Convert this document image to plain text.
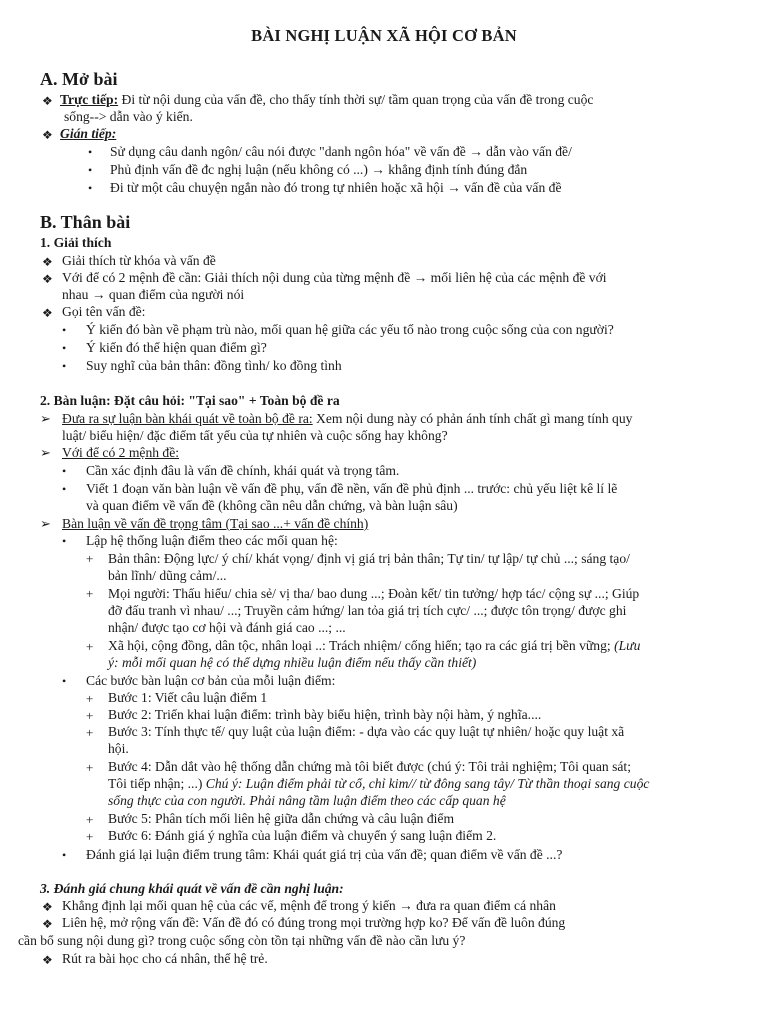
BÀI NGHỊ LUẬN XÃ HỘI CƠ BẢN
A. Mở bài
❖ Trực tiếp: Đi từ nội dung của vấn đề, cho thấy tính thời sự/ tầm quan trọng của vấn đề trong cuộc
sống--> dẫn vào ý kiến.
❖ Gián tiếp:
• Sử dụng câu danh ngôn/ câu nói được "danh ngôn hóa" về vấn đề → dẫn vào vấn đề/
• Phủ định vấn đề đc nghị luận (nếu không có ...) → khẳng định tính đúng đắn
• Đi từ một câu chuyện ngắn nào đó trong tự nhiên hoặc xã hội → vấn đề của vấn đề
B. Thân bài
1. Giải thích
❖ Giải thích từ khóa và vấn đề
❖ Với để có 2 mệnh đề cần: Giải thích nội dung của từng mệnh đề → mối liên hệ của các mệnh đề với
nhau → quan điểm của người nói
❖ Gọi tên vấn đề:
• Ý kiến đó bàn về phạm trù nào, mối quan hệ giữa các yếu tố nào trong cuộc sống của con người?
• Ý kiến đó thể hiện quan điểm gì?
• Suy nghĩ của bản thân: đồng tình/ ko đồng tình
2. Bàn luận: Đặt câu hỏi: "Tại sao" + Toàn bộ đề ra
➢ Đưa ra sự luận bàn khái quát về toàn bộ đề ra: Xem nội dung này có phản ánh tính chất gì mang tính quy
luật/ biểu hiện/ đặc điểm tất yếu của tự nhiên và cuộc sống hay không?
➢ Với để có 2 mệnh đề:
• Cần xác định đâu là vấn đề chính, khái quát và trọng tâm.
• Viết 1 đoạn văn bàn luận về vấn đề phụ, vấn đề nền, vấn đề phủ định ... trước: chủ yếu liệt kê lí lẽ
và quan điểm về vấn đề (không cần nêu dẫn chứng, và bàn luận sâu)
➢ Bàn luận về vấn đề trọng tâm (Tại sao ...+ vấn đề chính)
• Lập hệ thống luận điểm theo các mối quan hệ:
+ Bản thân: Động lực/ ý chí/ khát vọng/ định vị giá trị bản thân; Tự tin/ tự lập/ tự chủ ...; sáng tạo/
bản lĩnh/ dũng cảm/...
+ Mọi người: Thấu hiểu/ chia sẻ/ vị tha/ bao dung ...; Đoàn kết/ tin tưởng/ hợp tác/ cộng sự ...; Giúp
đỡ đấu tranh vì nhau/ ...; Truyền cảm hứng/ lan tỏa giá trị tích cực/ ...; được tôn trọng/ được ghi
nhận/ được tạo cơ hội và đánh giá cao ...; ...
+ Xã hội, cộng đồng, dân tộc, nhân loại ..: Trách nhiệm/ cống hiến; tạo ra các giá trị bền vững; (Lưu
ý: mỗi mối quan hệ có thể dựng nhiều luận điểm nếu thấy cần thiết)
• Các bước bàn luận cơ bản của mỗi luận điểm:
+ Bước 1: Viết câu luận điểm 1
+ Bước 2: Triển khai luận điểm: trình bày biểu hiện, trình bày nội hàm, ý nghĩa....
+ Bước 3: Tính thực tế/ quy luật của luận điểm: - dựa vào các quy luật tự nhiên/ hoặc quy luật xã
hội.
+ Bước 4: Dẫn dắt vào hệ thống dẫn chứng mà tôi biết được (chú ý: Tôi trải nghiệm; Tôi quan sát;
Tôi tiếp nhận; ...) Chú ý: Luận điểm phải từ cổ, chỉ kim// từ đông sang tây/ Từ thần thoại sang cuộc
sống thực của con người. Phải nâng tầm luận điểm theo các cấp quan hệ
+ Bước 5: Phân tích mối liên hệ giữa dẫn chứng và câu luận điểm
+ Bước 6: Đánh giá ý nghĩa của luận điểm và chuyển ý sang luận điểm 2.
• Đánh giá lại luận điểm trung tâm: Khái quát giá trị của vấn đề; quan điểm về vấn đề ...?
3. Đánh giá chung khái quát về vấn đề cần nghị luận:
❖ Khẳng định lại mối quan hệ của các vế, mệnh để trong ý kiến → đưa ra quan điểm cá nhân
❖ Liên hệ, mở rộng vấn đề: Vấn đề đó có đúng trong mọi trường hợp ko? Để vấn đề luôn đúng
cần bổ sung nội dung gì? trong cuộc sống còn tồn tại những vấn đề nào cần lưu ý?
❖ Rút ra bài học cho cá nhân, thế hệ trẻ.
